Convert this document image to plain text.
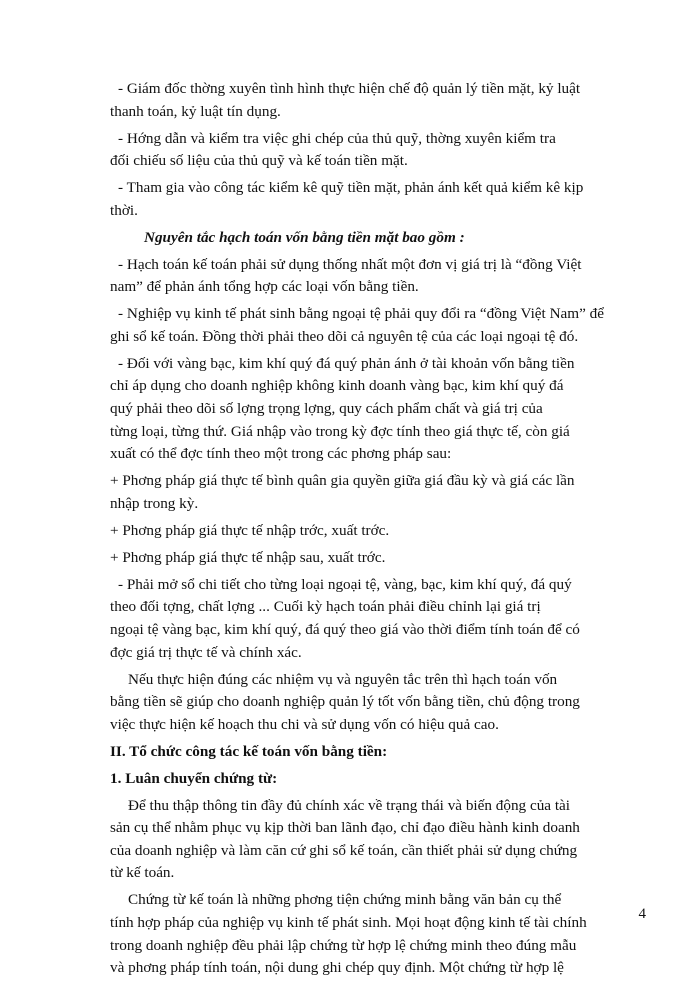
- Giám đốc thờng xuyên tình hình thực hiện chế độ quản lý tiền mặt, kỷ luật
thanh toán, kỷ luật tín dụng.
- Hớng dẫn và kiểm tra việc ghi chép của thủ quỹ, thờng xuyên kiểm tra
đối chiếu số liệu của thủ quỹ và kế toán tiền mặt.
- Tham gia vào công tác kiểm kê quỹ tiền mặt, phản ánh kết quả kiểm kê kịp
thời.
Nguyên tắc hạch toán vốn bằng tiền mặt bao gồm :
- Hạch toán kế toán phải sử dụng thống nhất một đơn vị giá trị là “đồng Việt
nam” để phản ánh tổng hợp các loại vốn bằng tiền.
- Nghiệp vụ kinh tế phát sinh bằng ngoại tệ phải quy đổi ra “đồng Việt Nam” để
ghi sổ kế toán. Đồng thời phải theo dõi cả nguyên tệ của các loại ngoại tệ đó.
- Đối với vàng bạc, kim khí quý đá quý phản ánh ở tài khoản vốn bằng tiền
chỉ áp dụng cho doanh nghiệp không kinh doanh vàng bạc, kim khí quý đá
quý phải theo dõi số lợng trọng lợng, quy cách phẩm chất và giá trị của
từng loại, từng thứ. Giá nhập vào trong kỳ đợc tính theo giá thực tế, còn giá
xuất có thể đợc tính theo một trong các phơng pháp sau:
+ Phơng pháp giá thực tế bình quân gia quyền giữa giá đầu kỳ và giá các lần
nhập trong kỳ.
+ Phơng pháp giá thực tế nhập trớc, xuất trớc.
+ Phơng pháp giá thực tế nhập sau, xuất trớc.
- Phải mở sổ chi tiết cho từng loại ngoại tệ, vàng, bạc, kim khí quý, đá quý
theo đối tợng, chất lợng ... Cuối kỳ hạch toán phải điều chỉnh lại giá trị
ngoại tệ vàng bạc, kim khí quý, đá quý theo giá vào thời điểm tính toán để có
đợc giá trị thực tế và chính xác.
Nếu thực hiện đúng các nhiệm vụ và nguyên tắc trên thì hạch toán vốn
bằng tiền sẽ giúp cho doanh nghiệp quản lý tốt vốn bằng tiền, chủ động trong
việc thực hiện kế hoạch thu chi và sử dụng vốn có hiệu quả cao.
II. Tổ chức công tác kế toán vốn bằng tiền:
1. Luân chuyển chứng từ:
Để thu thập thông tin đầy đủ chính xác về trạng thái và biến động của tài
sản cụ thể nhằm phục vụ kịp thời ban lãnh đạo, chỉ đạo điều hành kinh doanh
của doanh nghiệp và làm căn cứ ghi sổ kế toán, cần thiết phải sử dụng chứng
từ kế toán.
Chứng từ kế toán là những phơng tiện chứng minh bằng văn bản cụ thể
tính hợp pháp của nghiệp vụ kinh tế phát sinh. Mọi hoạt động kinh tế tài chính
trong doanh nghiệp đều phải lập chứng từ hợp lệ chứng minh theo đúng mẫu
và phơng pháp tính toán, nội dung ghi chép quy định. Một chứng từ hợp lệ
4
